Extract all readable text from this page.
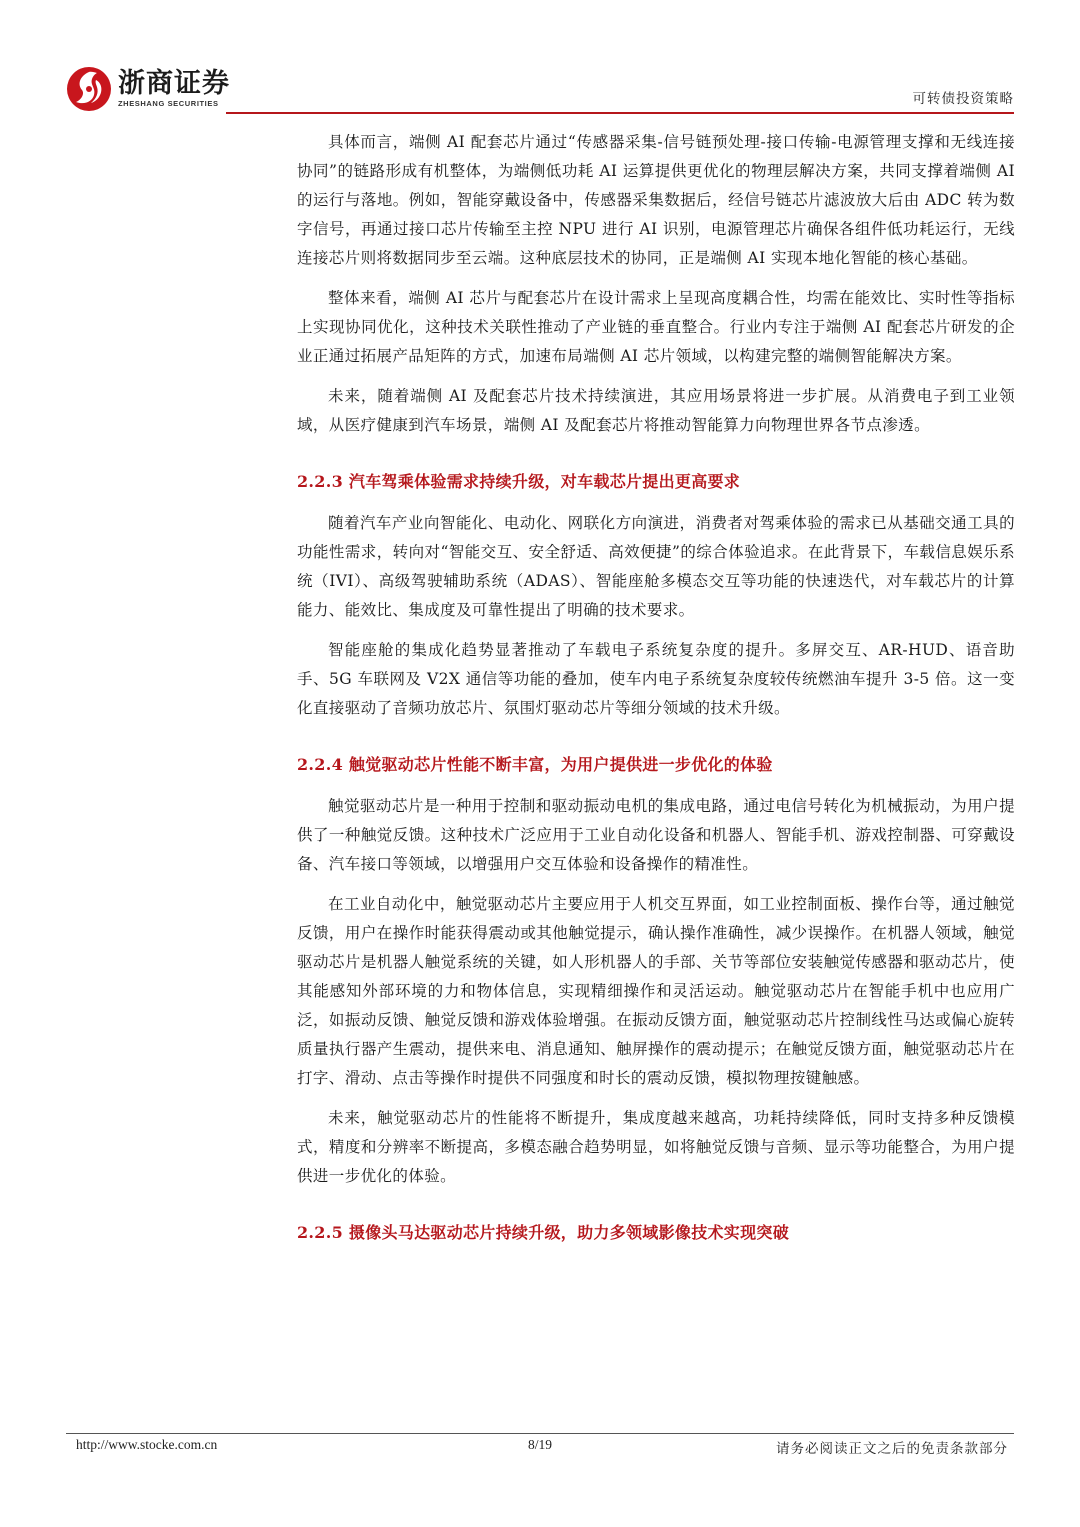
浙商证券
ZHESHANG SECURITIES	可转债投资策略

具体而言，端侧 AI 配套芯片通过“传感器采集-信号链预处理-接口传输-电源管理支撑和无线连接协同”的链路形成有机整体，为端侧低功耗 AI 运算提供更优化的物理层解决方案，共同支撑着端侧 AI 的运行与落地。例如，智能穿戴设备中，传感器采集数据后，经信号链芯片滤波放大后由 ADC 转为数字信号，再通过接口芯片传输至主控 NPU 进行 AI 识别，电源管理芯片确保各组件低功耗运行，无线连接芯片则将数据同步至云端。这种底层技术的协同，正是端侧 AI 实现本地化智能的核心基础。

整体来看，端侧 AI 芯片与配套芯片在设计需求上呈现高度耦合性，均需在能效比、实时性等指标上实现协同优化，这种技术关联性推动了产业链的垂直整合。行业内专注于端侧 AI 配套芯片研发的企业正通过拓展产品矩阵的方式，加速布局端侧 AI 芯片领域，以构建完整的端侧智能解决方案。

未来，随着端侧 AI 及配套芯片技术持续演进，其应用场景将进一步扩展。从消费电子到工业领域，从医疗健康到汽车场景，端侧 AI 及配套芯片将推动智能算力向物理世界各节点渗透。

2.2.3 汽车驾乘体验需求持续升级，对车载芯片提出更高要求

随着汽车产业向智能化、电动化、网联化方向演进，消费者对驾乘体验的需求已从基础交通工具的功能性需求，转向对“智能交互、安全舒适、高效便捷”的综合体验追求。在此背景下，车载信息娱乐系统（IVI）、高级驾驶辅助系统（ADAS）、智能座舱多模态交互等功能的快速迭代，对车载芯片的计算能力、能效比、集成度及可靠性提出了明确的技术要求。

智能座舱的集成化趋势显著推动了车载电子系统复杂度的提升。多屏交互、AR-HUD、语音助手、5G 车联网及 V2X 通信等功能的叠加，使车内电子系统复杂度较传统燃油车提升 3-5 倍。这一变化直接驱动了音频功放芯片、氛围灯驱动芯片等细分领域的技术升级。

2.2.4 触觉驱动芯片性能不断丰富，为用户提供进一步优化的体验

触觉驱动芯片是一种用于控制和驱动振动电机的集成电路，通过电信号转化为机械振动，为用户提供了一种触觉反馈。这种技术广泛应用于工业自动化设备和机器人、智能手机、游戏控制器、可穿戴设备、汽车接口等领域，以增强用户交互体验和设备操作的精准性。

在工业自动化中，触觉驱动芯片主要应用于人机交互界面，如工业控制面板、操作台等，通过触觉反馈，用户在操作时能获得震动或其他触觉提示，确认操作准确性，减少误操作。在机器人领域，触觉驱动芯片是机器人触觉系统的关键，如人形机器人的手部、关节等部位安装触觉传感器和驱动芯片，使其能感知外部环境的力和物体信息，实现精细操作和灵活运动。触觉驱动芯片在智能手机中也应用广泛，如振动反馈、触觉反馈和游戏体验增强。在振动反馈方面，触觉驱动芯片控制线性马达或偏心旋转质量执行器产生震动，提供来电、消息通知、触屏操作的震动提示；在触觉反馈方面，触觉驱动芯片在打字、滑动、点击等操作时提供不同强度和时长的震动反馈，模拟物理按键触感。

未来，触觉驱动芯片的性能将不断提升，集成度越来越高，功耗持续降低，同时支持多种反馈模式，精度和分辨率不断提高，多模态融合趋势明显，如将触觉反馈与音频、显示等功能整合，为用户提供进一步优化的体验。

2.2.5 摄像头马达驱动芯片持续升级，助力多领域影像技术实现突破
http://www.stocke.com.cn	8/19	请务必阅读正文之后的免责条款部分
